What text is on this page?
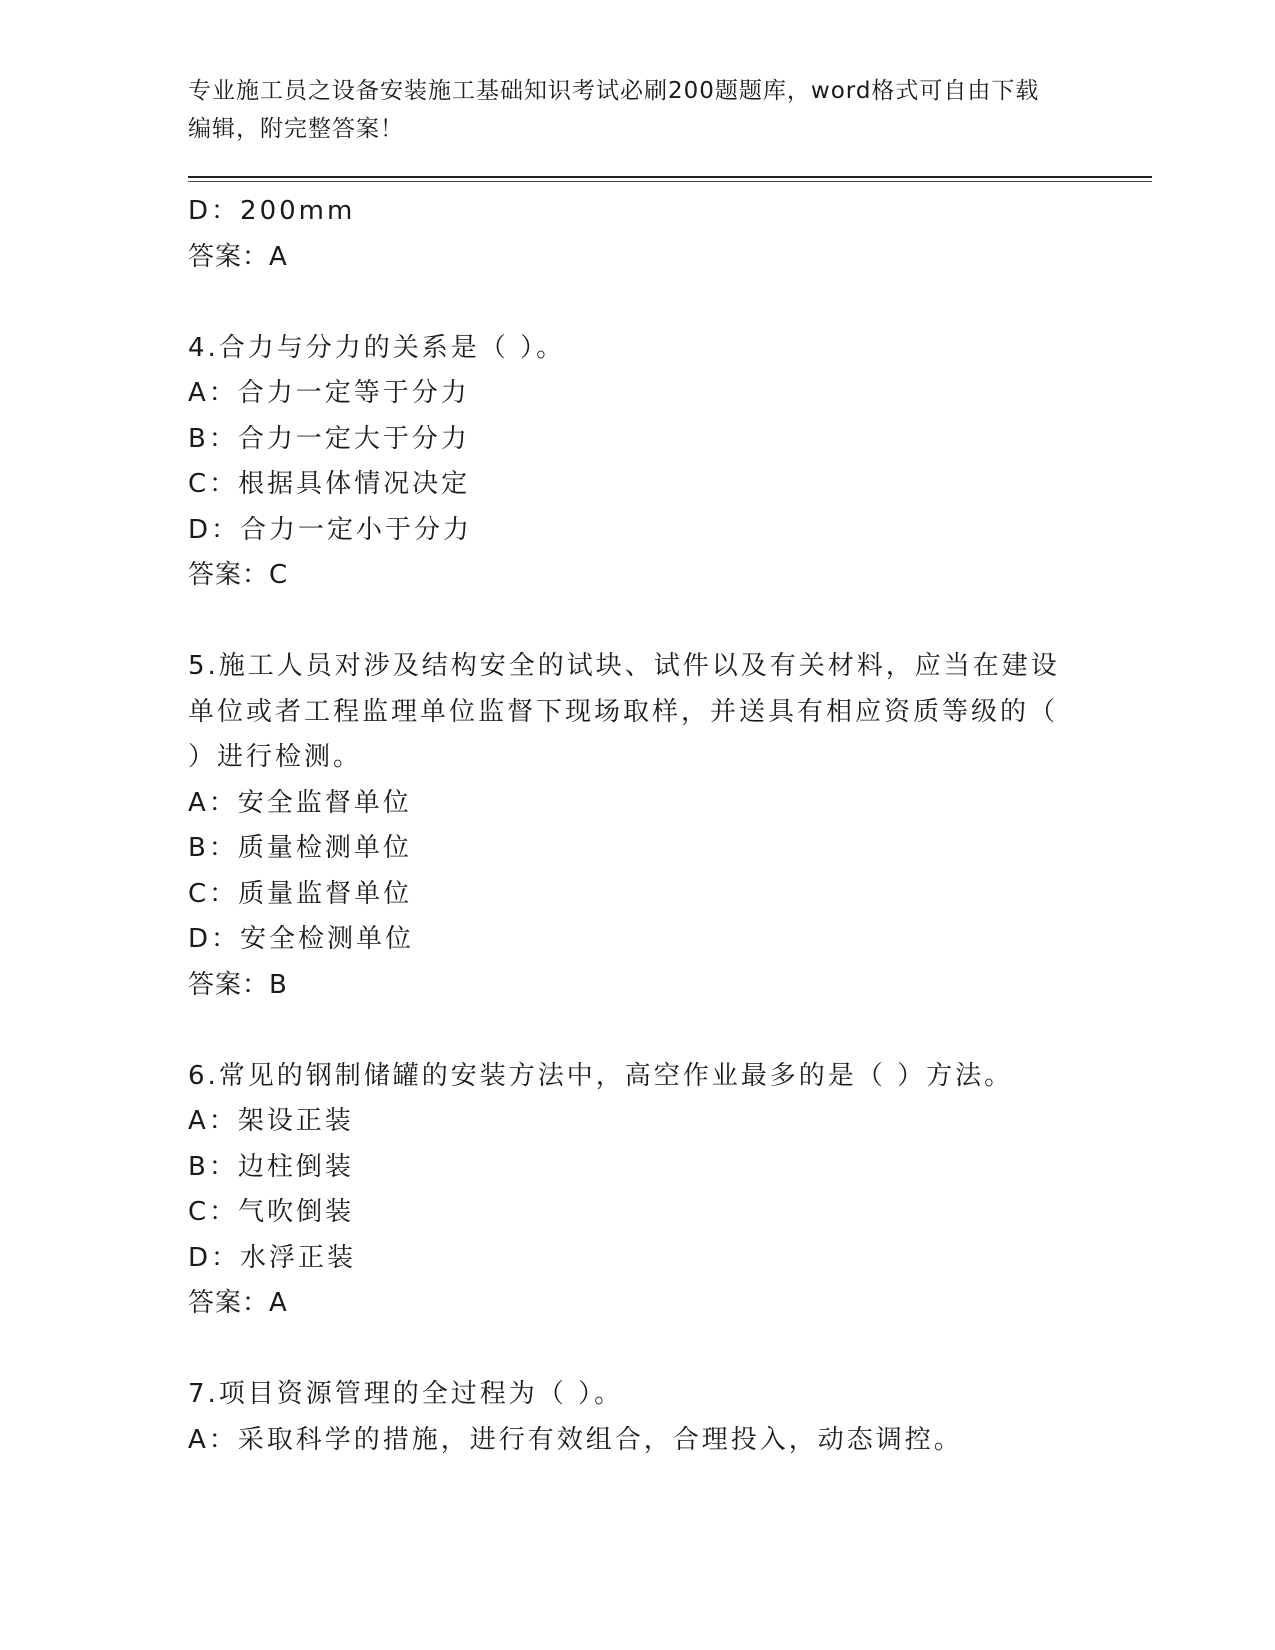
专业施工员之设备安装施工基础知识考试必刷200题题库，word格式可自由下载
编辑，附完整答案！
D：200mm
答案：A
4.合力与分力的关系是（ ）。
A：合力一定等于分力
B：合力一定大于分力
C：根据具体情况决定
D：合力一定小于分力
答案：C
5.施工人员对涉及结构安全的试块、试件以及有关材料，应当在建设
单位或者工程监理单位监督下现场取样，并送具有相应资质等级的（
）进行检测。
A：安全监督单位
B：质量检测单位
C：质量监督单位
D：安全检测单位
答案：B
6.常见的钢制储罐的安装方法中，高空作业最多的是（ ）方法。
A：架设正装
B：边柱倒装
C：气吹倒装
D：水浮正装
答案：A
7.项目资源管理的全过程为（ ）。
A：采取科学的措施，进行有效组合，合理投入，动态调控。
